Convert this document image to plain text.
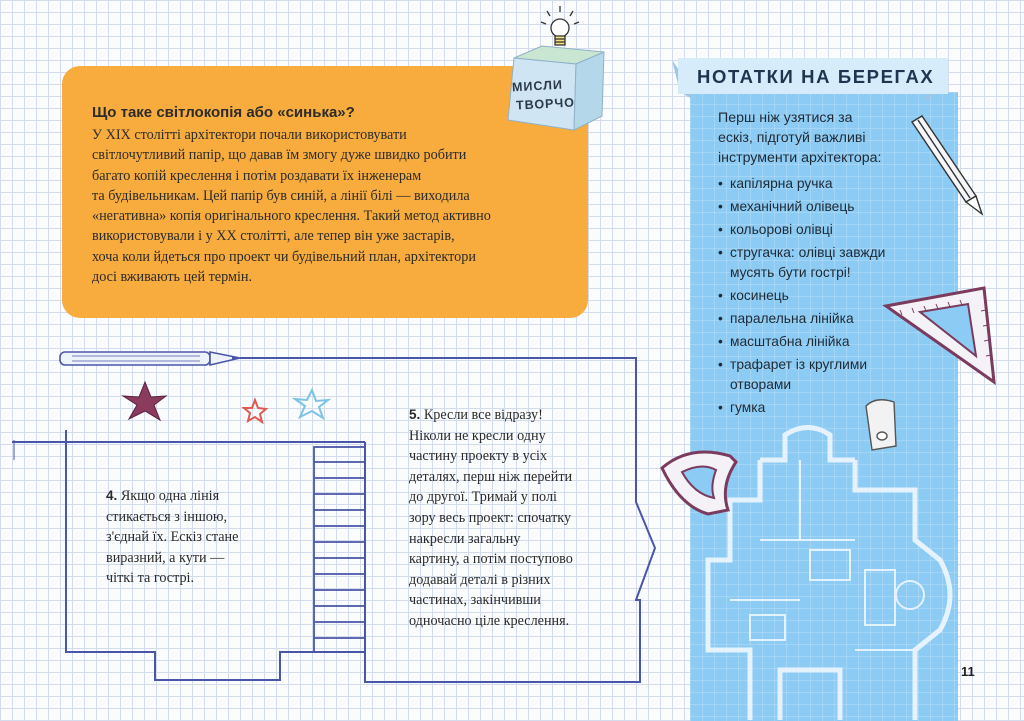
Що таке світлокопія або «синька»?
У XIX столітті архітектори почали використовувати
світлочутливий папір, що давав їм змогу дуже швидко робити
багато копій креслення і потім роздавати їх інженерам
та будівельникам. Цей папір був синій, а лінії білі — виходила
«негативна» копія оригінального креслення. Такий метод активно
використовували і у XX столітті, але тепер він уже застарів,
хоча коли йдеться про проект чи будівельний план, архітектори
досі вживають цей термін.
МИСЛИ
ТВОРЧО
НОТАТКИ НА БЕРЕГАХ
Перш ніж узятися за
ескіз, підготуй важливі
інструменти архітектора:
• капілярна ручка
• механічний олівець
• кольорові олівці
• стругачка: олівці завжди
мусять бути гострі!
• косинець
• паралельна лінійка
• масштабна лінійка
• трафарет із круглими
отворами
• гумка
11
4. Якщо одна лінія
стикається з іншою,
з'єднай їх. Ескіз стане
виразний, а кути —
чіткі та гострі.
5. Кресли все відразу!
Ніколи не кресли одну
частину проекту в усіх
деталях, перш ніж перейти
до другої. Тримай у полі
зору весь проект: спочатку
накресли загальну
картину, а потім поступово
додавай деталі в різних
частинах, закінчивши
одночасно ціле креслення.
